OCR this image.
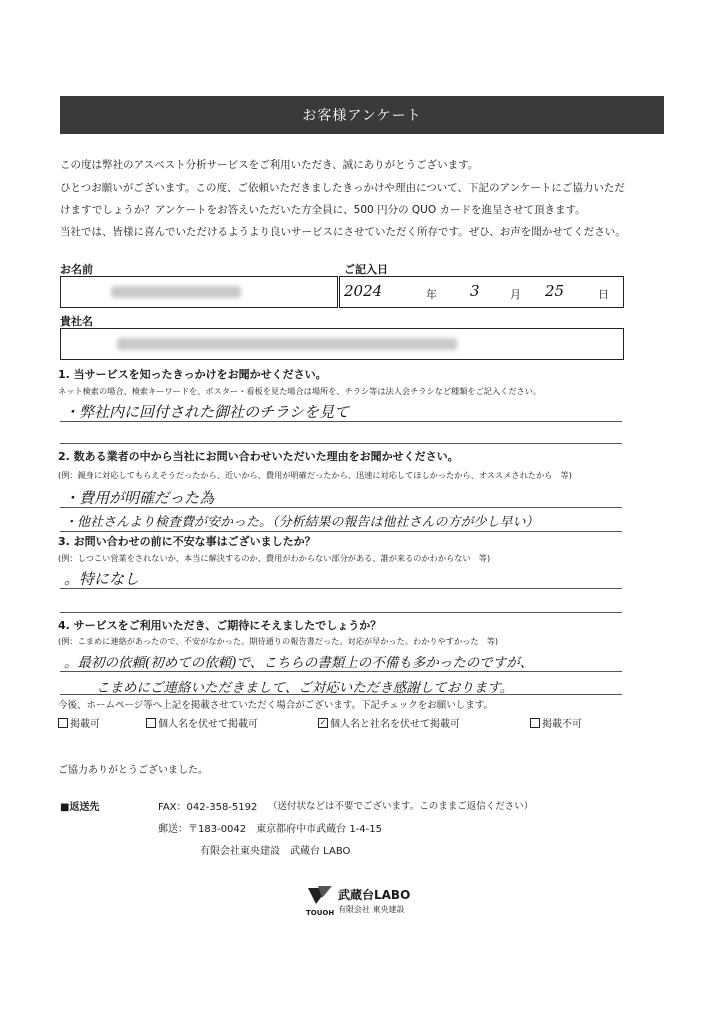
お客様アンケート
この度は弊社のアスベスト分析サービスをご利用いただき、誠にありがとうございます。
ひとつお願いがございます。この度、ご依頼いただきましたきっかけや理由について、下記のアンケートにご協力いただ
けますでしょうか？アンケートをお答えいただいた方全員に、500 円分の QUO カードを進呈させて頂きます。
当社では、皆様に喜んでいただけるようより良いサービスにさせていただく所存です。ぜひ、お声を聞かせてください。
お名前	ご記入日
2024	年 3	月 25	日
貴社名
1. 当サービスを知ったきっかけをお聞かせください。
ネット検索の場合、検索キーワードを、ポスター・看板を見た場合は場所を、チラシ等は法人会チラシなど種類をご記入ください。
・弊社内に回付された御社のチラシを見て
2. 数ある業者の中から当社にお問い合わせいただいた理由をお聞かせください。
(例：親身に対応してもらえそうだったから、近いから、費用が明確だったから、迅速に対応してほしかったから、オススメされたから　等)
・費用が明確だった為
・他社さんより検査費が安かった。（分析結果の報告は他社さんの方が少し早い）
3. お問い合わせの前に不安な事はございましたか？
(例：しつこい営業をされないか、本当に解決するのか、費用がわからない部分がある、誰が来るのかわからない　等)
。特になし
4. サービスをご利用いただき、ご期待にそえましたでしょうか？
(例：こまめに連絡があったので、不安がなかった。期待通りの報告書だった。対応が早かった。わかりやすかった　等)
。最初の依頼(初めての依頼)で、こちらの書類上の不備も多かったのですが、
こまめにご連絡いただきまして、ご対応いただき感謝しております。
今後、ホームページ等へ上記を掲載させていただく場合がございます。下記チェックをお願いします。
掲載可	個人名を伏せて掲載可	✓ 個人名と社名を伏せて掲載可	掲載不可
ご協力ありがとうございました。
■返送先	FAX：042-358-5192 （送付状などは不要でございます。このままご返信ください）
郵送：〒183-0042　東京都府中市武蔵台 1-4-15
有限会社東央建設　武蔵台 LABO
TOUOH
武蔵台LABO
有限会社 東央建設
